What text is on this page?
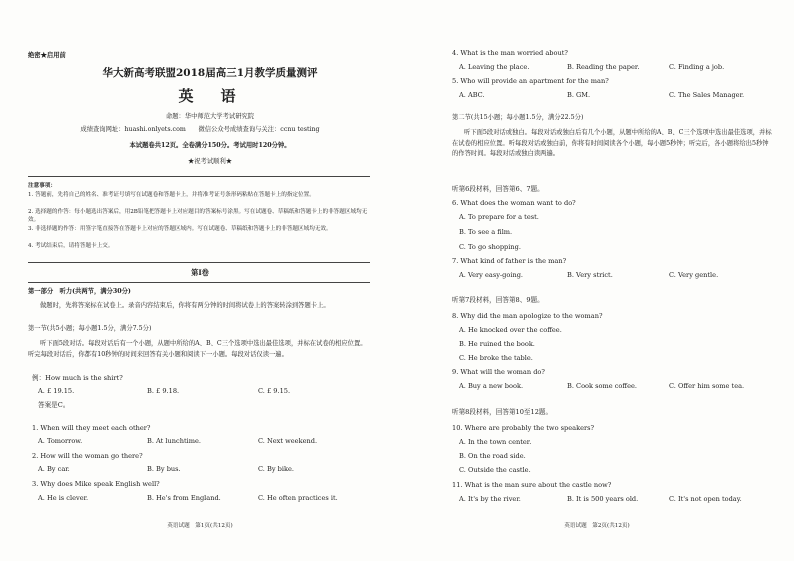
绝密★启用前
华大新高考联盟2018届高三1月教学质量测评
英　语
命题：华中师范大学考试研究院
成绩查询网址：huashi.onlyets.com　　微信公众号成绩查询与关注：ccnu testing
本试题卷共12页。全卷满分150分。考试用时120分钟。
★祝考试顺利★
注意事项：
1. 答题前，先将自己的姓名、准考证号填写在试题卷和答题卡上，并将准考证号条形码粘贴在答题卡上的指定位置。
2. 选择题的作答：每小题选出答案后，用2B铅笔把答题卡上对应题目的答案标号涂黑。写在试题卷、草稿纸和答题卡上的非答题区域均无效。
3. 非选择题的作答：用签字笔直接答在答题卡上对应的答题区域内。写在试题卷、草稿纸和答题卡上的非答题区域均无效。
4. 考试结束后，请将答题卡上交。
第Ⅰ卷
第一部分　听力(共两节，满分30分)
做题时，先将答案标在试卷上。录音内容结束后，你将有两分钟的时间将试卷上的答案转涂到答题卡上。
第一节(共5小题；每小题1.5分，满分7.5分)
听下面5段对话。每段对话后有一个小题，从题中所给的A、B、C三个选项中选出最佳选项，并标在试卷的相应位置。听完每段对话后，你都有10秒钟的时间来回答有关小题和阅读下一小题。每段对话仅读一遍。
例：How much is the shirt?
A. £ 19.15.	B. £ 9.18.	C. £ 9.15.
答案是C。
1. When will they meet each other?
A. Tomorrow.	B. At lunchtime.	C. Next weekend.
2. How will the woman go there?
A. By car.	B. By bus.	C. By bike.
3. Why does Mike speak English well?
A. He is clever.	B. He's from England.	C. He often practices it.
英语试题　第1页(共12页)
4. What is the man worried about?
A. Leaving the place.	B. Reading the paper.	C. Finding a job.
5. Who will provide an apartment for the man?
A. ABC.	B. GM.	C. The Sales Manager.
第二节(共15小题；每小题1.5分，满分22.5分)
听下面5段对话或独白。每段对话或独白后有几个小题，从题中所给的A、B、C三个选项中选出最佳选项，并标在试卷的相应位置。听每段对话或独白前，你将有时间阅读各个小题，每小题5秒钟；听完后，各小题将给出5秒钟的作答时间。每段对话或独白读两遍。
听第6段材料，回答第6、7题。
6. What does the woman want to do?
A. To prepare for a test.
B. To see a film.
C. To go shopping.
7. What kind of father is the man?
A. Very easy-going.	B. Very strict.	C. Very gentle.
听第7段材料，回答第8、9题。
8. Why did the man apologize to the woman?
A. He knocked over the coffee.
B. He ruined the book.
C. He broke the table.
9. What will the woman do?
A. Buy a new book.	B. Cook some coffee.	C. Offer him some tea.
听第8段材料，回答第10至12题。
10. Where are probably the two speakers?
A. In the town center.
B. On the road side.
C. Outside the castle.
11. What is the man sure about the castle now?
A. It's by the river.	B. It is 500 years old.	C. It's not open today.
英语试题　第2页(共12页)
